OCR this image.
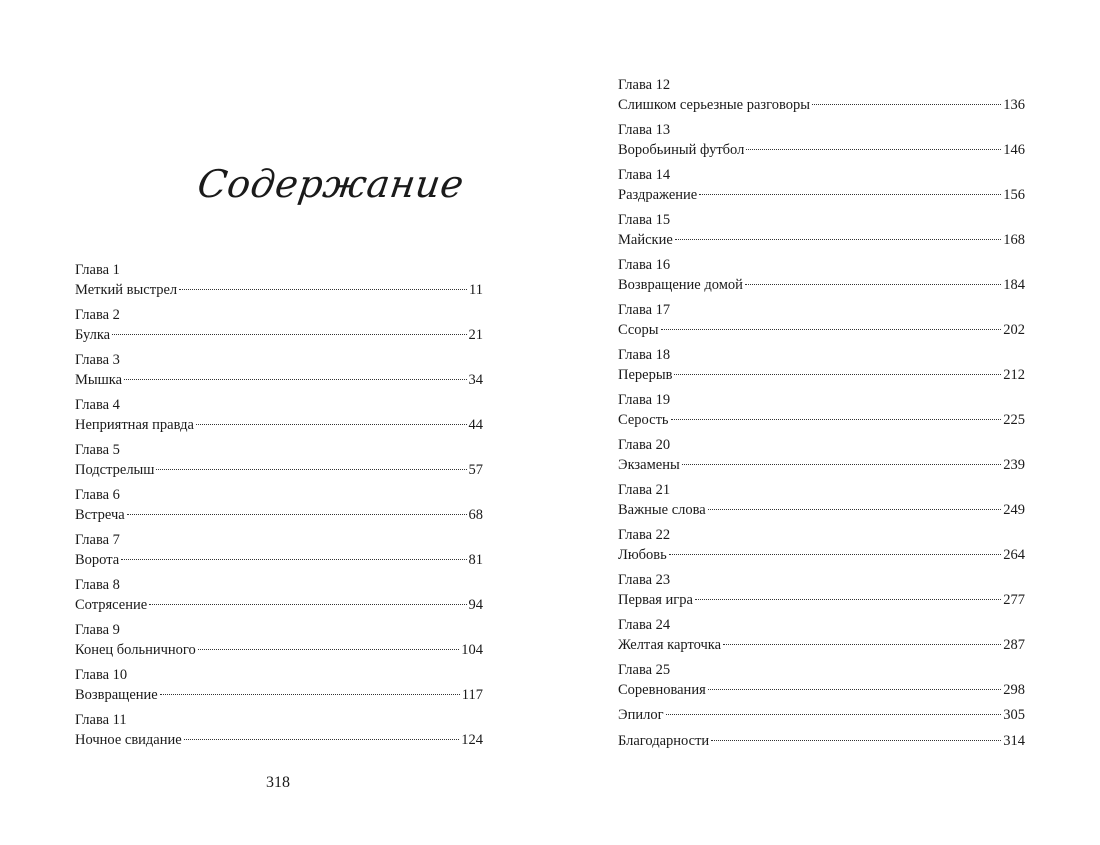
Содержание
Глава 1
Меткий выстрел	11
Глава 2
Булка	21
Глава 3
Мышка	34
Глава 4
Неприятная правда	44
Глава 5
Подстрелыш	57
Глава 6
Встреча	68
Глава 7
Ворота	81
Глава 8
Сотрясение	94
Глава 9
Конец больничного	104
Глава 10
Возвращение	117
Глава 11
Ночное свидание	124
318
Глава 12
Слишком серьезные разговоры	136
Глава 13
Воробьиный футбол	146
Глава 14
Раздражение	156
Глава 15
Майские	168
Глава 16
Возвращение домой	184
Глава 17
Ссоры	202
Глава 18
Перерыв	212
Глава 19
Серость	225
Глава 20
Экзамены	239
Глава 21
Важные слова	249
Глава 22
Любовь	264
Глава 23
Первая игра	277
Глава 24
Желтая карточка	287
Глава 25
Соревнования	298
Эпилог	305
Благодарности	314
